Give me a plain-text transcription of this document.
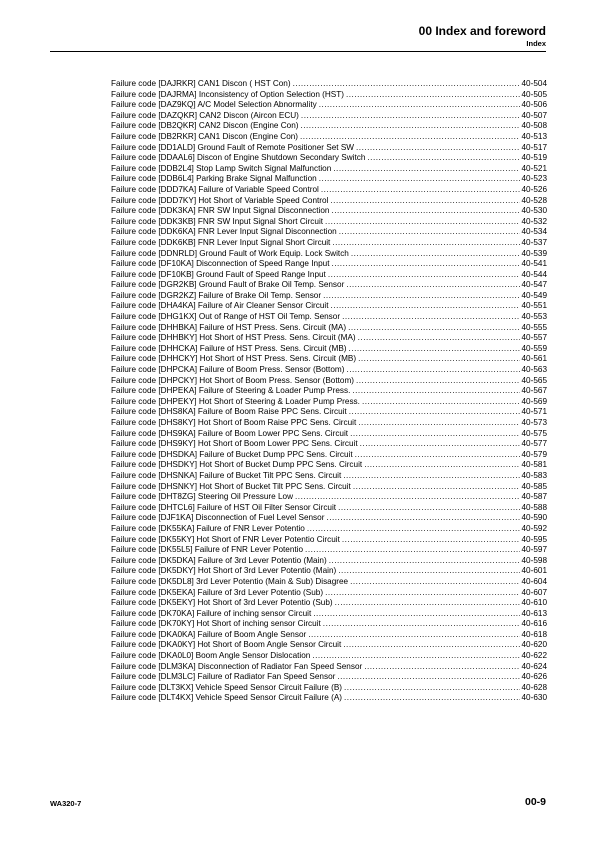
00 Index and foreword
Index
Failure code [DAJRKR] CAN1 Discon ( HST Con) .....	40-504
Failure code [DAJRMA] Inconsistency of Option Selection (HST) .....	40-505
Failure code [DAZ9KQ] A/C Model Selection Abnormality .....	40-506
Failure code [DAZQKR] CAN2 Discon (Aircon ECU) .....	40-507
Failure code [DB2QKR] CAN2 Discon (Engine Con) .....	40-508
Failure code [DB2RKR] CAN1 Discon (Engine Con) .....	40-513
Failure code [DD1ALD] Ground Fault of Remote Positioner Set SW .....	40-517
Failure code [DDAAL6] Discon of Engine Shutdown Secondary Switch .....	40-519
Failure code [DDB2L4] Stop Lamp Switch Signal Malfunction .....	40-521
Failure code [DDB6L4] Parking Brake Signal Malfunction .....	40-523
Failure code [DDD7KA] Failure of Variable Speed Control .....	40-526
Failure code [DDD7KY] Hot Short of Variable Speed Control .....	40-528
Failure code [DDK3KA] FNR SW Input Signal Disconnection .....	40-530
Failure code [DDK3KB] FNR SW Input Signal Short Circuit .....	40-532
Failure code [DDK6KA] FNR Lever Input Signal Disconnection .....	40-534
Failure code [DDK6KB] FNR Lever Input Signal Short Circuit .....	40-537
Failure code [DDNRLD] Ground Fault of Work Equip. Lock Switch .....	40-539
Failure code [DF10KA] Disconnection of Speed Range Input .....	40-541
Failure code [DF10KB] Ground Fault of Speed Range Input .....	40-544
Failure code [DGR2KB] Ground Fault of Brake Oil Temp. Sensor .....	40-547
Failure code [DGR2KZ] Failure of Brake Oil Temp. Sensor .....	40-549
Failure code [DHA4KA] Failure of Air Cleaner Sensor Circuit .....	40-551
Failure code [DHG1KX] Out of Range of HST Oil Temp. Sensor .....	40-553
Failure code [DHHBKA] Failure of HST Press. Sens. Circuit (MA) .....	40-555
Failure code [DHHBKY] Hot Short of HST Press. Sens. Circuit (MA) .....	40-557
Failure code [DHHCKA] Failure of HST Press. Sens. Circuit (MB) .....	40-559
Failure code [DHHCKY] Hot Short of HST Press. Sens. Circuit (MB) .....	40-561
Failure code [DHPCKA] Failure of Boom Press. Sensor (Bottom) .....	40-563
Failure code [DHPCKY] Hot Short of Boom Press. Sensor (Bottom) .....	40-565
Failure code [DHPEKA] Failure of Steering & Loader Pump Press. .....	40-567
Failure code [DHPEKY] Hot Short of Steering & Loader Pump Press. .....	40-569
Failure code [DHS8KA] Failure of Boom Raise PPC Sens. Circuit .....	40-571
Failure code [DHS8KY] Hot Short of Boom Raise PPC Sens. Circuit .....	40-573
Failure code [DHS9KA] Failure of Boom Lower PPC Sens. Circuit .....	40-575
Failure code [DHS9KY] Hot Short of Boom Lower PPC Sens. Circuit .....	40-577
Failure code [DHSDKA] Failure of Bucket Dump PPC Sens. Circuit .....	40-579
Failure code [DHSDKY] Hot Short of Bucket Dump PPC Sens. Circuit .....	40-581
Failure code [DHSNKA] Failure of Bucket Tilt PPC Sens. Circuit .....	40-583
Failure code [DHSNKY] Hot Short of Bucket Tilt PPC Sens. Circuit .....	40-585
Failure code [DHT8ZG] Steering Oil Pressure Low .....	40-587
Failure code [DHTCL6] Failure of HST Oil Filter Sensor Circuit .....	40-588
Failure code [DJF1KA] Disconnection of Fuel Level Sensor .....	40-590
Failure code [DK55KA] Failure of FNR Lever Potentio .....	40-592
Failure code [DK55KY] Hot Short of FNR Lever Potentio Circuit .....	40-595
Failure code [DK55L5] Failure of FNR Lever Potentio .....	40-597
Failure code [DK5DKA] Failure of 3rd Lever Potentio (Main) .....	40-598
Failure code [DK5DKY] Hot Short of 3rd Lever Potentio (Main) .....	40-601
Failure code [DK5DL8] 3rd Lever Potentio (Main & Sub) Disagree .....	40-604
Failure code [DK5EKA] Failure of 3rd Lever Potentio (Sub) .....	40-607
Failure code [DK5EKY] Hot Short of 3rd Lever Potentio (Sub) .....	40-610
Failure code [DK70KA] Failure of inching sensor Circuit .....	40-613
Failure code [DK70KY] Hot Short of inching sensor Circuit .....	40-616
Failure code [DKA0KA] Failure of Boom Angle Sensor .....	40-618
Failure code [DKA0KY] Hot Short of Boom Angle Sensor Circuit .....	40-620
Failure code [DKA0L0] Boom Angle Sensor Dislocation .....	40-622
Failure code [DLM3KA] Disconnection of Radiator Fan Speed Sensor .....	40-624
Failure code [DLM3LC] Failure of Radiator Fan Speed Sensor .....	40-626
Failure code [DLT3KX] Vehicle Speed Sensor Circuit Failure (B) .....	40-628
Failure code [DLT4KX] Vehicle Speed Sensor Circuit Failure (A) .....	40-630
WA320-7	00-9
